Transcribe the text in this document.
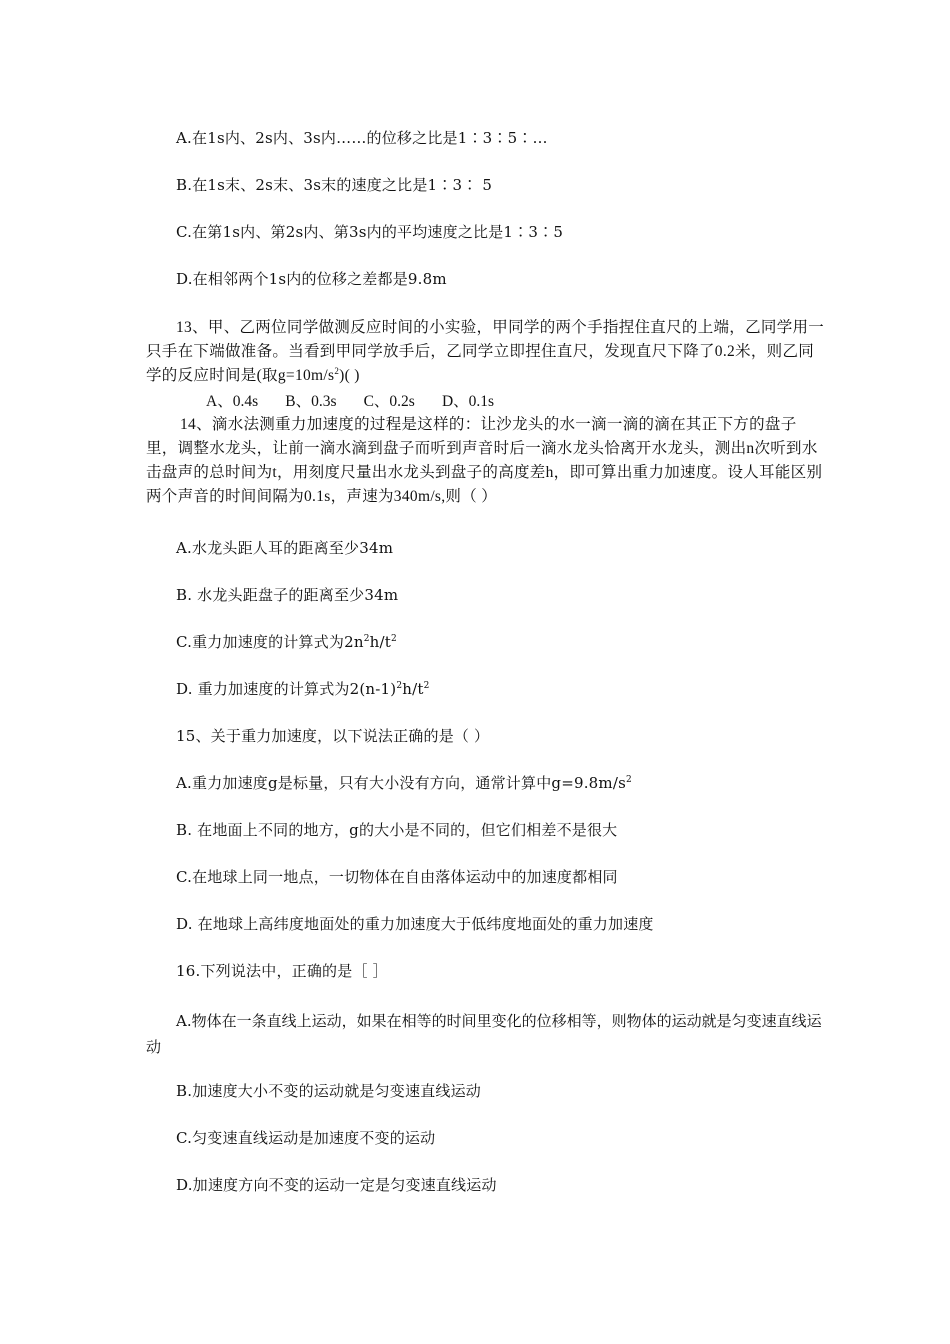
A.在1s内、2s内、3s内……的位移之比是1∶3∶5∶…
B.在1s末、2s末、3s末的速度之比是1∶3∶ 5
C.在第1s内、第2s内、第3s内的平均速度之比是1∶3∶5
D.在相邻两个1s内的位移之差都是9.8m
13、甲、乙两位同学做测反应时间的小实验，甲同学的两个手指捏住直尺的上端，乙同学用一只手在下端做准备。当看到甲同学放手后，乙同学立即捏住直尺，发现直尺下降了0.2米，则乙同学的反应时间是(取$g=10m/s^2$)( )
A、0.4s       B、0.3s       C、0.2s       D、0.1s
14、滴水法测重力加速度的过程是这样的：让沙龙头的水一滴一滴的滴在其正下方的盘子里，调整水龙头，让前一滴水滴到盘子而听到声音时后一滴水龙头恰离开水龙头，测出n次听到水击盘声的总时间为t，用刻度尺量出水龙头到盘子的高度差h，即可算出重力加速度。设人耳能区别两个声音的时间间隔为0.1s，声速为340m/s,则（ ）
A.水龙头距人耳的距离至少34m
B. 水龙头距盘子的距离至少34m
C.重力加速度的计算式为$2n^2h/t^2$
D. 重力加速度的计算式为$2(n-1)^2h/t^2$
15、关于重力加速度，以下说法正确的是（ ）
A.重力加速度g是标量，只有大小没有方向，通常计算中$g=9.8m/s^2$
B. 在地面上不同的地方，g的大小是不同的，但它们相差不是很大
C.在地球上同一地点，一切物体在自由落体运动中的加速度都相同
D. 在地球上高纬度地面处的重力加速度大于低纬度地面处的重力加速度
16.下列说法中，正确的是［ ］
A.物体在一条直线上运动，如果在相等的时间里变化的位移相等，则物体的运动就是匀变速直线运动
B.加速度大小不变的运动就是匀变速直线运动
C.匀变速直线运动是加速度不变的运动
D.加速度方向不变的运动一定是匀变速直线运动
